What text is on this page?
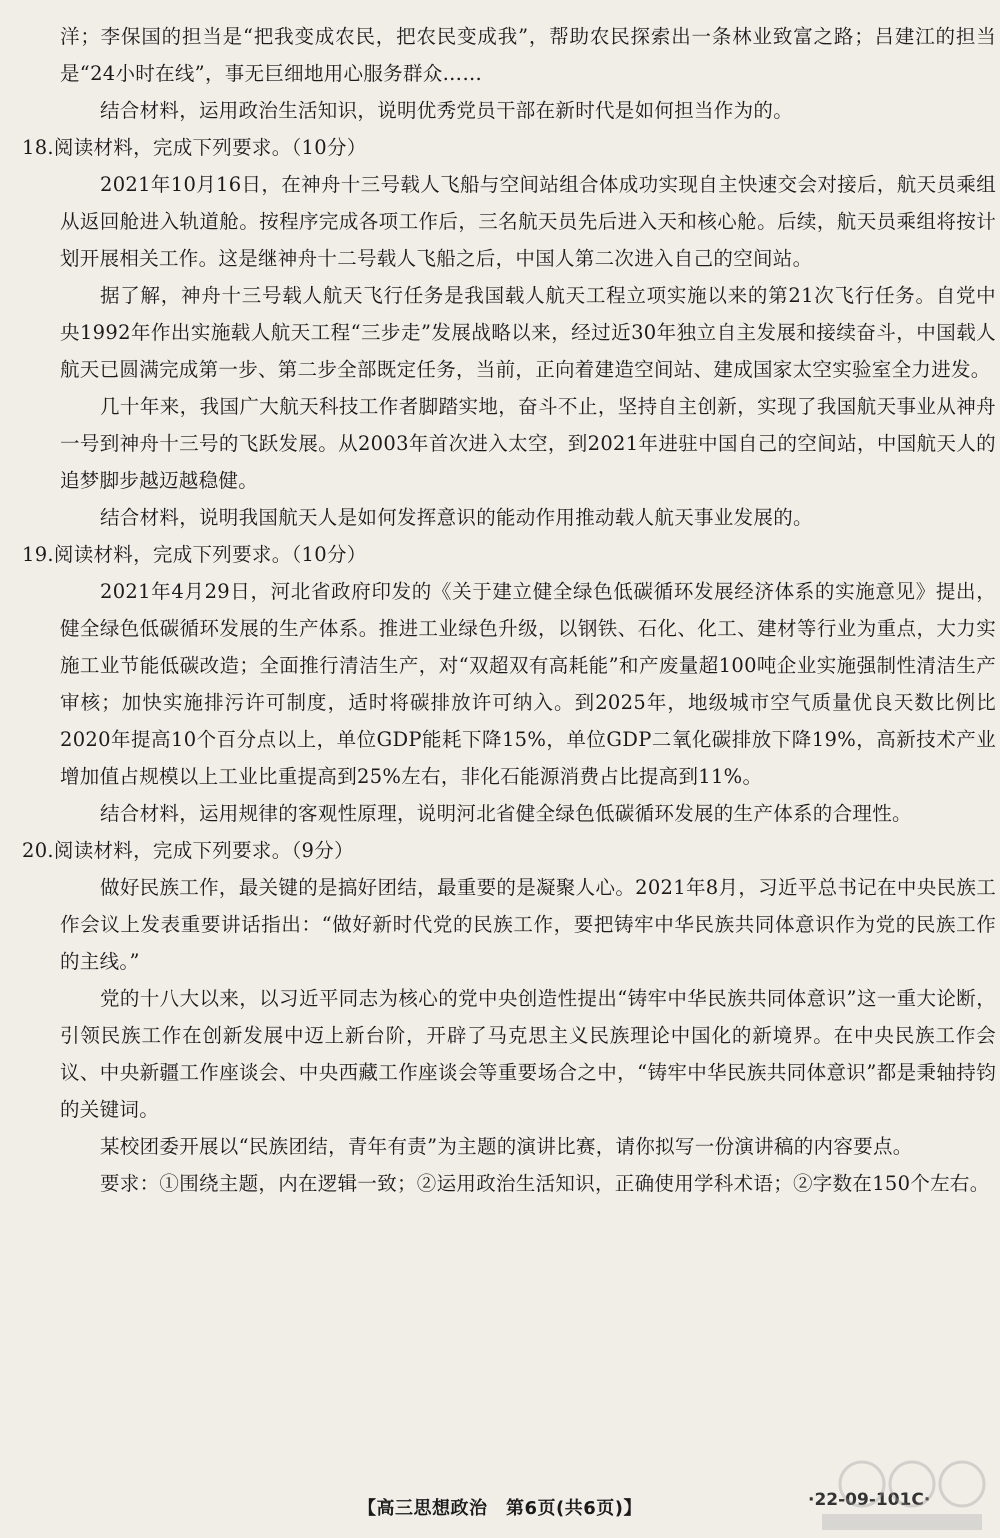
洋；李保国的担当是“把我变成农民，把农民变成我”，帮助农民探索出一条林业致富之路；吕建江的担当是“24小时在线”，事无巨细地用心服务群众……

结合材料，运用政治生活知识，说明优秀党员干部在新时代是如何担当作为的。

18.阅读材料，完成下列要求。（10分）

2021年10月16日，在神舟十三号载人飞船与空间站组合体成功实现自主快速交会对接后，航天员乘组从返回舱进入轨道舱。按程序完成各项工作后，三名航天员先后进入天和核心舱。后续，航天员乘组将按计划开展相关工作。这是继神舟十二号载人飞船之后，中国人第二次进入自己的空间站。

据了解，神舟十三号载人航天飞行任务是我国载人航天工程立项实施以来的第21次飞行任务。自党中央1992年作出实施载人航天工程“三步走”发展战略以来，经过近30年独立自主发展和接续奋斗，中国载人航天已圆满完成第一步、第二步全部既定任务，当前，正向着建造空间站、建成国家太空实验室全力进发。

几十年来，我国广大航天科技工作者脚踏实地，奋斗不止，坚持自主创新，实现了我国航天事业从神舟一号到神舟十三号的飞跃发展。从2003年首次进入太空，到2021年进驻中国自己的空间站，中国航天人的追梦脚步越迈越稳健。

结合材料，说明我国航天人是如何发挥意识的能动作用推动载人航天事业发展的。

19.阅读材料，完成下列要求。（10分）

2021年4月29日，河北省政府印发的《关于建立健全绿色低碳循环发展经济体系的实施意见》提出，健全绿色低碳循环发展的生产体系。推进工业绿色升级，以钢铁、石化、化工、建材等行业为重点，大力实施工业节能低碳改造；全面推行清洁生产，对“双超双有高耗能”和产废量超100吨企业实施强制性清洁生产审核；加快实施排污许可制度，适时将碳排放许可纳入。到2025年，地级城市空气质量优良天数比例比2020年提高10个百分点以上，单位GDP能耗下降15%，单位GDP二氧化碳排放下降19%，高新技术产业增加值占规模以上工业比重提高到25%左右，非化石能源消费占比提高到11%。

结合材料，运用规律的客观性原理，说明河北省健全绿色低碳循环发展的生产体系的合理性。

20.阅读材料，完成下列要求。（9分）

做好民族工作，最关键的是搞好团结，最重要的是凝聚人心。2021年8月，习近平总书记在中央民族工作会议上发表重要讲话指出：“做好新时代党的民族工作，要把铸牢中华民族共同体意识作为党的民族工作的主线。”

党的十八大以来，以习近平同志为核心的党中央创造性提出“铸牢中华民族共同体意识”这一重大论断，引领民族工作在创新发展中迈上新台阶，开辟了马克思主义民族理论中国化的新境界。在中央民族工作会议、中央新疆工作座谈会、中央西藏工作座谈会等重要场合之中，“铸牢中华民族共同体意识”都是秉轴持钧的关键词。

某校团委开展以“民族团结，青年有责”为主题的演讲比赛，请你拟写一份演讲稿的内容要点。

要求：①围绕主题，内在逻辑一致；②运用政治生活知识，正确使用学科术语；②字数在150个左右。

【高三思想政治　第6页(共6页)】	·22-09-101C·
